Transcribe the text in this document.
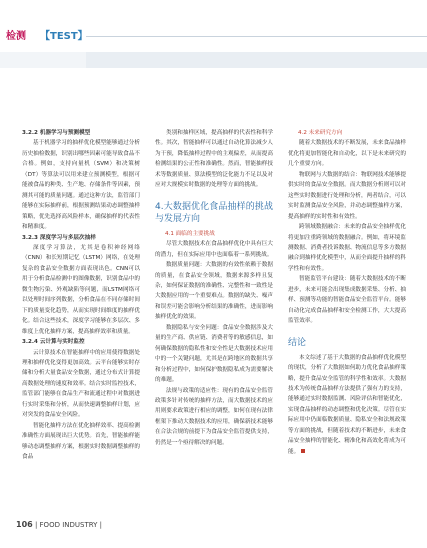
检测 【TEST】

3.2.2 机器学习与预测模型

基于机器学习的抽样优化模型能够通过分析历史抽检数据，识别出哪些因素可能导致食品不合格。例如，支持向量机（SVM）和决策树（DT）等算法可以用来建立预测模型，根据可能被食品的种类、生产地、存储条件等因素，预测其可能的质量问题。通过这种方法，监管部门能够在实际抽样前，根据预测结果动态调整抽样策略，优先选择高风险样本，确保抽样的代表性和精准度。

3.2.3 深度学习与多层次抽样

深度学习算法，尤其是卷积神经网络（CNN）和长短期记忆（LSTM）网络，在处理复杂的食品安全数据方面表现出色。CNN可以用于分析食品检测中的图像数据，识别食品中的微生物污染、外观缺陷等问题，而LSTM网络可以处理时间序列数据，分析食品在不同存储时间下的质量变化趋势，从而实现时间维度的抽样优化。结合这些技术，深度学习能够在多层次、多维度上优化抽样方案，提高抽样效率和质量。

3.2.4 云计算与实时监控

云计算技术在智能抽样中的应用使得数据处理和抽样优化变得更加高效。云平台能够实时存储和分析大量食品安全数据，通过分布式计算提高数据处理的速度和效率。结合实时监控技术，监管部门能够在食品生产和流通过程中对数据进行实时采集和分析，从而快速调整抽样计划，应对突发的食品安全风险。

智能化抽样方法在优化抽样效率、提高检测准确性方面展现出巨大优势。首先，智能抽样能够动态调整抽样方案，根据实时数据调整抽样的食品

类别和抽样区域，提高抽样的代表性和科学性。其次，智能抽样可以通过自动化算法减少人为干预，降低抽样过程中的主观偏差，从而提高检测结果的公正性和准确性。然而，智能抽样技术等数据质量、算法模型的泛化能力不足以及对应对大规模实时数据的处理等方面的挑战。

4.大数据优化食品抽样的挑战与发展方向

4.1 面临的主要挑战

尽管大数据技术在食品抽样优化中具有巨大的潜力，但在实际应用中也面临着一系列挑战。

数据质量问题：大数据的有效性依赖于数据的质量，在食品安全领域，数据来源多样且复杂，如何保证数据的准确性、完整性和一致性是大数据应用的一个重要难点。数据的缺失、噪声和误差可能会影响分析结果的准确性，进而影响抽样优化的效果。

数据隐私与安全问题：食品安全数据涉及大量的生产商、供应链、消费者等的敏感信息，如何确保数据的隐私性和安全性是大数据技术应用中的一个关键问题，尤其是在跨地区的数据共享和分析过程中，如何保护数据隐私成为需要解决的难题。

法规与政策的适应性：现有的食品安全监管政策多针对传统的抽样方法，而大数据技术的应用则要求政策进行相应的调整，如何在现有法律框架下推动大数据技术的应用，确保新技术能够在合法合规的前提下为食品安全监管提供支持，仍然是一个亟待解决的问题。

4.2 未来研究方向

随着大数据技术的不断发展，未来食品抽样优化将更加智能化和自动化，以下是未来研究的几个重要方向。

物联网与大数据的结合：物联网技术能够提供实时的食品安全数据。而大数据分析则可以对这些实时数据进行处理和分析，两者结合，可以实时监测食品安全风险，并动态调整抽样方案，提高抽样的实时性和有效性。

跨领域数据融合：未来的食品安全抽样优化将更加注重跨领域的数据融合。例如，将环境监测数据、消费者投诉数据、物流信息等多方数据融合到抽样优化模型中，从而全面提升抽样的科学性和有效性。

智能监管平台建设：随着大数据技术的不断进步，未来可能会出现集成数据采集、分析、抽样、预测等功能的智能食品安全监管平台。能够自动化完成食品抽样和安全检测工作，大大提高监管效率。

结论

本文综述了基于大数据的食品抽样优化模型的现状，分析了大数据如何助力优化食品抽样策略，提升食品安全监管的科学性和效率。大数据技术为传统食品抽样方法提供了强有力的支持，能够通过实时数据监测、风险评估和智能优化，实现食品抽样的动态调整和优化决策。尽管在实际应用中仍面临数据质量、隐私安全和法规政策等方面的挑战，但随着技术的不断进步，未来食品安全抽样的智能化、精准化和高效化将成为可能。

106 | FOOD INDUSTRY |
